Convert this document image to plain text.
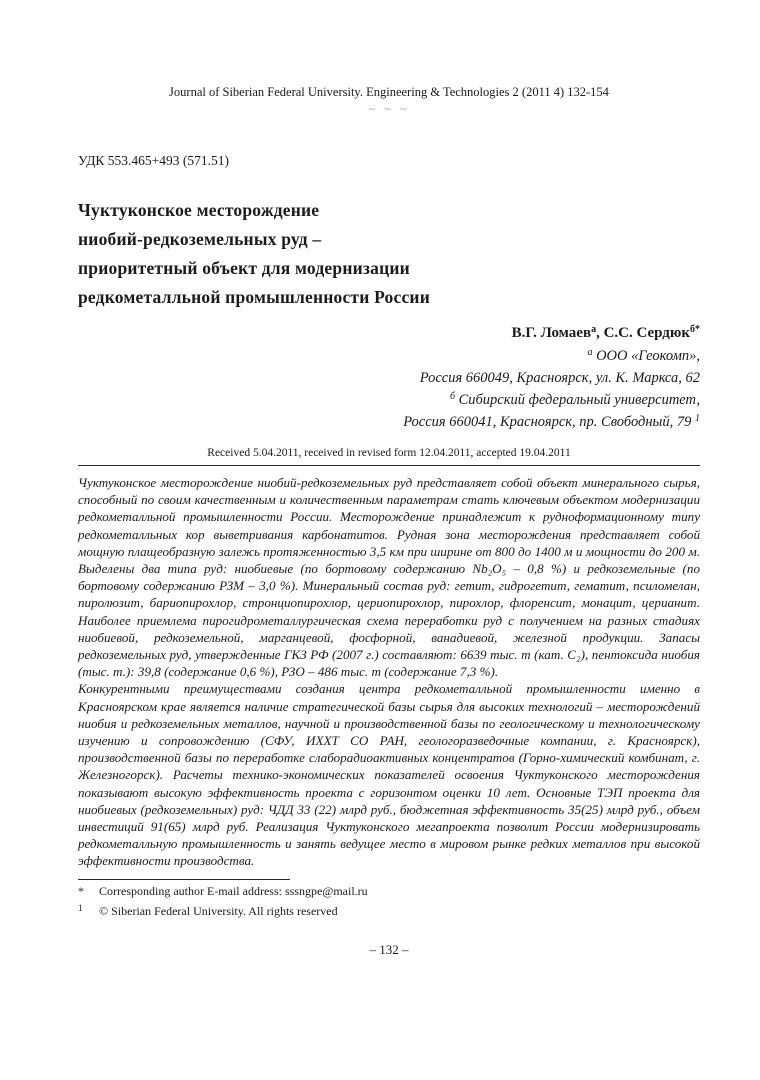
Journal of Siberian Federal University. Engineering & Technologies 2 (2011 4) 132-154
~ ~ ~
УДК 553.465+493 (571.51)
Чуктуконское месторождение
ниобий-редкоземельных руд –
приоритетный объект для модернизации
редкометалльной промышленности России
В.Г. Ломаев$^а$, С.С. Сердюк$^{б*}$
$^а$ ООО «Геокомп»,
Россия 660049, Красноярск, ул. К. Маркса, 62
$^б$ Сибирский федеральный университет,
Россия 660041, Красноярск, пр. Свободный, 79 $^1$
Received 5.04.2011, received in revised form 12.04.2011, accepted 19.04.2011

Чуктуконское месторождение ниобий-редкоземельных руд представляет собой объект минерального сырья, способный по своим качественным и количественным параметрам стать ключевым объектом модернизации редкометалльной промышленности России. Месторождение принадлежит к рудноформационному типу редкометалльных кор выветривания карбонатитов. Рудная зона месторождения представляет собой мощную плащеобразную залежь протяженностью 3,5 км при ширине от 800 до 1400 м и мощности до 200 м. Выделены два типа руд: ниобиевые (по бортовому содержанию Nb₂O₅ – 0,8 %) и редкоземельные (по бортовому содержанию РЗМ – 3,0 %). Минеральный состав руд: гетит, гидрогетит, гематит, псиломелан, пиролюзит, бариопирохлор, стронциопирохлор, цериопирохлор, пирохлор, флоренсит, монацит, церианит. Наиболее приемлема пирогидрометаллургическая схема переработки руд с получением на разных стадиях ниобиевой, редкоземельной, марганцевой, фосфорной, ванадиевой, железной продукции. Запасы редкоземельных руд, утвержденные ГКЗ РФ (2007 г.) составляют: 6639 тыс. т (кат. С₂), пентоксида ниобия (тыс. т.): 39,8 (содержание 0,6 %), РЗО – 486 тыс. т (содержание 7,3 %).

Конкурентными преимуществами создания центра редкометалльной промышленности именно в Красноярском крае является наличие стратегической базы сырья для высоких технологий – месторождений ниобия и редкоземельных металлов, научной и производственной базы по геологическому и технологическому изучению и сопровождению (СФУ, ИХХТ СО РАН, геологоразведочные компании, г. Красноярск), производственной базы по переработке слаборадиоактивных концентратов (Горно-химический комбинат, г. Железногорск). Расчеты технико-экономических показателей освоения Чуктуконского месторождения показывают высокую эффективность проекта с горизонтом оценки 10 лет. Основные ТЭП проекта для ниобиевых (редкоземельных) руд: ЧДД 33 (22) млрд руб., бюджетная эффективность 35(25) млрд руб., объем инвестиций 91(65) млрд руб. Реализация Чуктуконского мегапроекта позволит России модернизировать редкометалльную промышленность и занять ведущее место в мировом рынке редких металлов при высокой эффективности производства.

* Corresponding author E-mail address: sssngpe@mail.ru
1 © Siberian Federal University. All rights reserved
– 132 –
